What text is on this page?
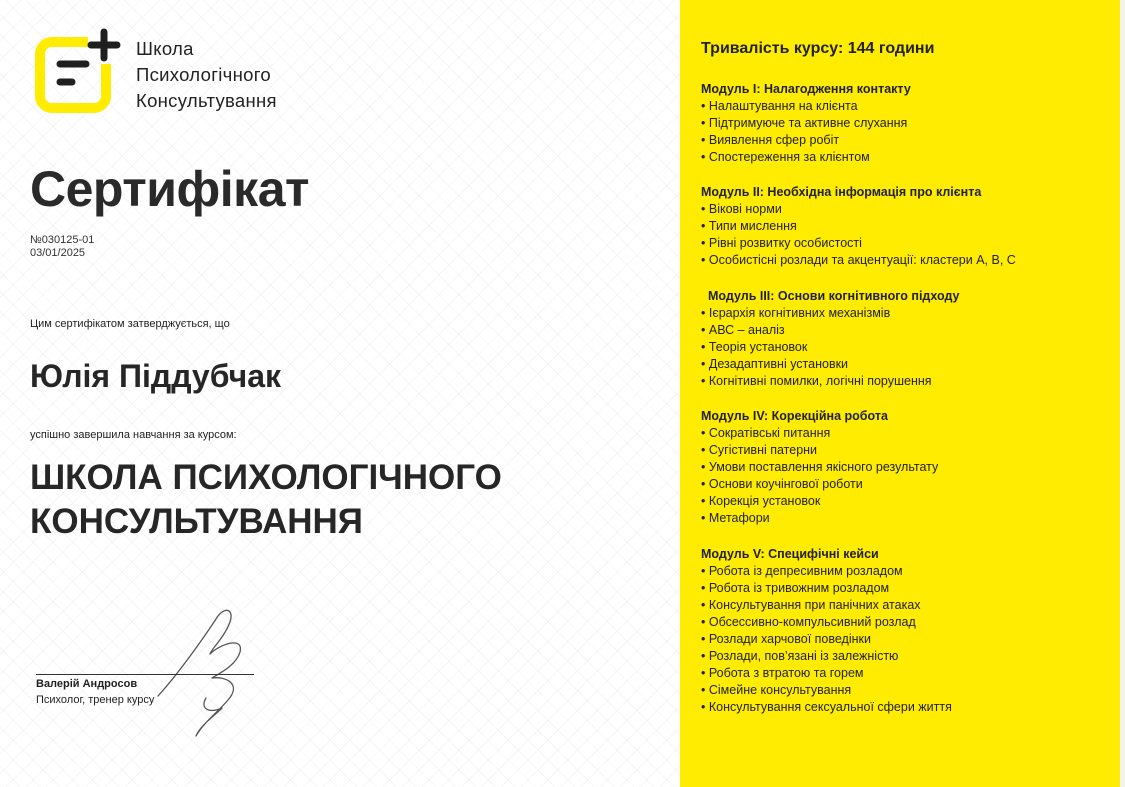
Школа
Психологічного
Консультування
Сертифікат
№030125-01
03/01/2025
Цим сертифікатом затверджується, що
Юлія Піддубчак
успішно завершила навчання за курсом:
ШКОЛА ПСИХОЛОГІЧНОГО
КОНСУЛЬТУВАННЯ
Валерій Андросов
Психолог, тренер курсу
Тривалість курсу: 144 години
Модуль I: Налагодження контакту
• Налаштування на клієнта
• Підтримуюче та активне слухання
• Виявлення сфер робіт
• Спостереження за клієнтом
Модуль II: Необхідна інформація про клієнта
• Вікові норми
• Типи мислення
• Рівні розвитку особистості
• Особистісні розлади та акцентуації: кластери А, В, С
Модуль III: Основи когнітивного підходу
• Ієрархія когнітивних механізмів
• АВС – аналіз
• Теорія установок
• Дезадаптивні установки
• Когнітивні помилки, логічні порушення
Модуль IV: Корекційна робота
• Сократівські питання
• Сугістивні патерни
• Умови поставлення якісного результату
• Основи коучінгової роботи
• Корекція установок
• Метафори
Модуль V: Специфічні кейси
• Робота із депресивним розладом
• Робота із тривожним розладом
• Консультування при панічних атаках
• Обсессивно-компульсивний розлад
• Розлади харчової поведінки
• Розлади, пов’язані із залежністю
• Робота з втратою та горем
• Сімейне консультування
• Консультування сексуальної сфери життя
